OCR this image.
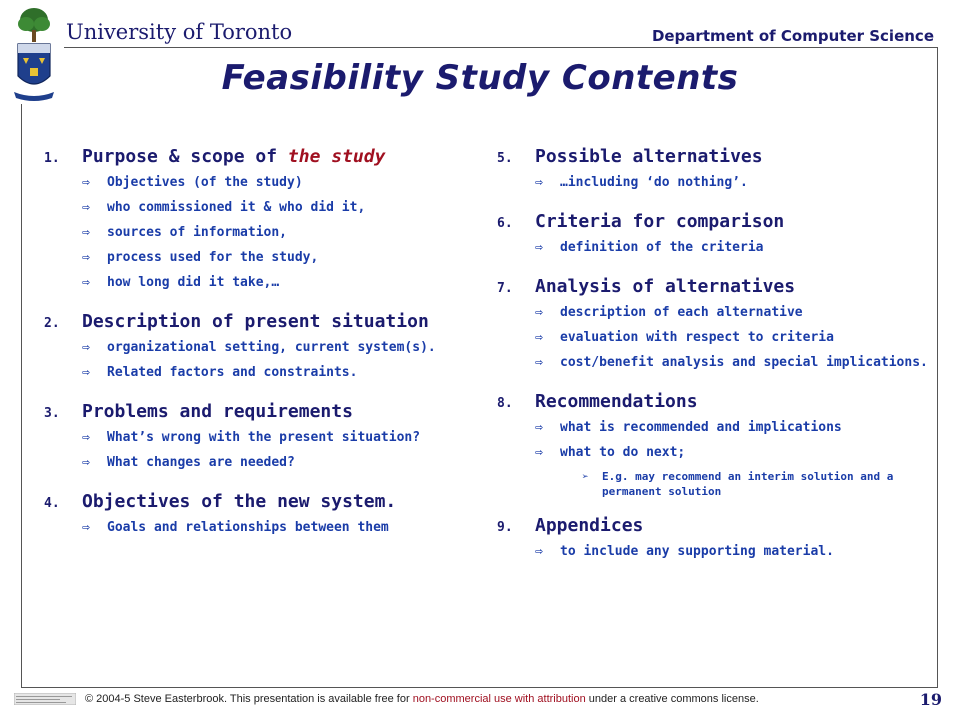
University of Toronto	Department of Computer Science
Feasibility Study Contents
1.	Purpose & scope of the study
⇨	Objectives (of the study)
⇨	who commissioned it & who did it,
⇨	sources of information,
⇨	process used for the study,
⇨	how long did it take,…
2.	Description of present situation
⇨	organizational setting, current system(s).
⇨	Related factors and constraints.
3.	Problems and requirements
⇨	What’s wrong with the present situation?
⇨	What changes are needed?
4.	Objectives of the new system.
⇨	Goals and relationships between them
5.	Possible alternatives
⇨	…including ‘do nothing’.
6.	Criteria for comparison
⇨	definition of the criteria
7.	Analysis of alternatives
⇨	description of each alternative
⇨	evaluation with respect to criteria
⇨	cost/benefit analysis and special implications.
8.	Recommendations
⇨	what is recommended and implications
⇨	what to do next;
➢	E.g. may recommend an interim solution and a permanent solution
9.	Appendices
⇨	to include any supporting material.
© 2004-5 Steve Easterbrook. This presentation is available free for non-commercial use with attribution under a creative commons license.	19
